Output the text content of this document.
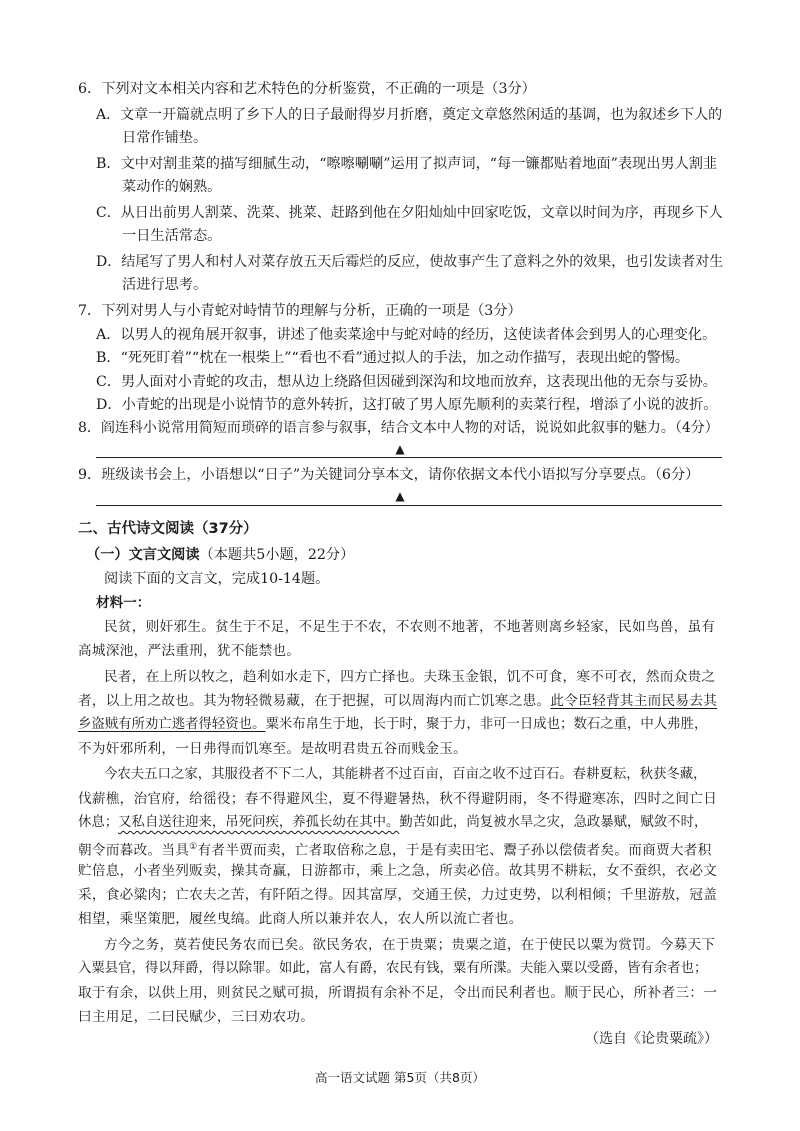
6．下列对文本相关内容和艺术特色的分析鉴赏，不正确的一项是（3分）
A．文章一开篇就点明了乡下人的日子最耐得岁月折磨，奠定文章悠然闲适的基调，也为叙述乡下人的
日常作铺垫。
B．文中对割韭菜的描写细腻生动，“嚓嚓唰唰”运用了拟声词，“每一镰都贴着地面”表现出男人割韭
菜动作的娴熟。
C．从日出前男人割菜、洗菜、挑菜、赶路到他在夕阳灿灿中回家吃饭，文章以时间为序，再现乡下人
一日生活常态。
D．结尾写了男人和村人对菜存放五天后霉烂的反应，使故事产生了意料之外的效果，也引发读者对生
活进行思考。
7．下列对男人与小青蛇对峙情节的理解与分析，正确的一项是（3分）
A．以男人的视角展开叙事，讲述了他卖菜途中与蛇对峙的经历，这使读者体会到男人的心理变化。
B．“死死盯着”“枕在一根柴上”“看也不看”通过拟人的手法，加之动作描写，表现出蛇的警惕。
C．男人面对小青蛇的攻击，想从边上绕路但因碰到深沟和坟地而放弃，这表现出他的无奈与妥协。
D．小青蛇的出现是小说情节的意外转折，这打破了男人原先顺利的卖菜行程，增添了小说的波折。
8．阎连科小说常用简短而琐碎的语言参与叙事，结合文本中人物的对话，说说如此叙事的魅力。（4分）
▲
9．班级读书会上，小语想以“日子”为关键词分享本文，请你依据文本代小语拟写分享要点。（6分）
▲
二、古代诗文阅读（37分）
（一）文言文阅读（本题共5小题，22分）
阅读下面的文言文，完成10-14题。
材料一：
民贫，则奸邪生。贫生于不足，不足生于不农，不农则不地著，不地著则离乡轻家，民如鸟兽，虽有
高城深池，严法重刑，犹不能禁也。
民者，在上所以牧之，趋利如水走下，四方亡择也。夫珠玉金银，饥不可食，寒不可衣，然而众贵之
者，以上用之故也。其为物轻微易藏，在于把握，可以周海内而亡饥寒之患。此令臣轻背其主而民易去其
乡盗贼有所劝亡逃者得轻资也。粟米布帛生于地，长于时，聚于力，非可一日成也；数石之重，中人弗胜，
不为奸邪所利，一日弗得而饥寒至。是故明君贵五谷而贱金玉。
今农夫五口之家，其服役者不下二人，其能耕者不过百亩，百亩之收不过百石。春耕夏耘，秋获冬藏，
伐薪樵，治官府，给徭役；春不得避风尘，夏不得避暑热，秋不得避阴雨，冬不得避寒冻，四时之间亡日
休息；又私自送往迎来，吊死问疾，养孤长幼在其中。勤苦如此，尚复被水旱之灾，急政暴赋，赋敛不时，
朝令而暮改。当具①有者半贾而卖，亡者取倍称之息，于是有卖田宅、鬻子孙以偿债者矣。而商贾大者积
贮倍息，小者坐列贩卖，操其奇赢，日游都市，乘上之急，所卖必倍。故其男不耕耘，女不蚕织，衣必文
采，食必粱肉；亡农夫之苦，有阡陌之得。因其富厚，交通王侯，力过吏势，以利相倾；千里游敖，冠盖
相望，乘坚策肥，履丝曳缟。此商人所以兼并农人，农人所以流亡者也。
方今之务，莫若使民务农而已矣。欲民务农，在于贵粟；贵粟之道，在于使民以粟为赏罚。今募天下
入粟县官，得以拜爵，得以除罪。如此，富人有爵，农民有钱，粟有所渫。夫能入粟以受爵，皆有余者也；
取于有余，以供上用，则贫民之赋可损，所谓损有余补不足，令出而民利者也。顺于民心，所补者三：一
曰主用足，二曰民赋少，三曰劝农功。
（选自《论贵粟疏》）
高一语文试题 第5页（共8页）
